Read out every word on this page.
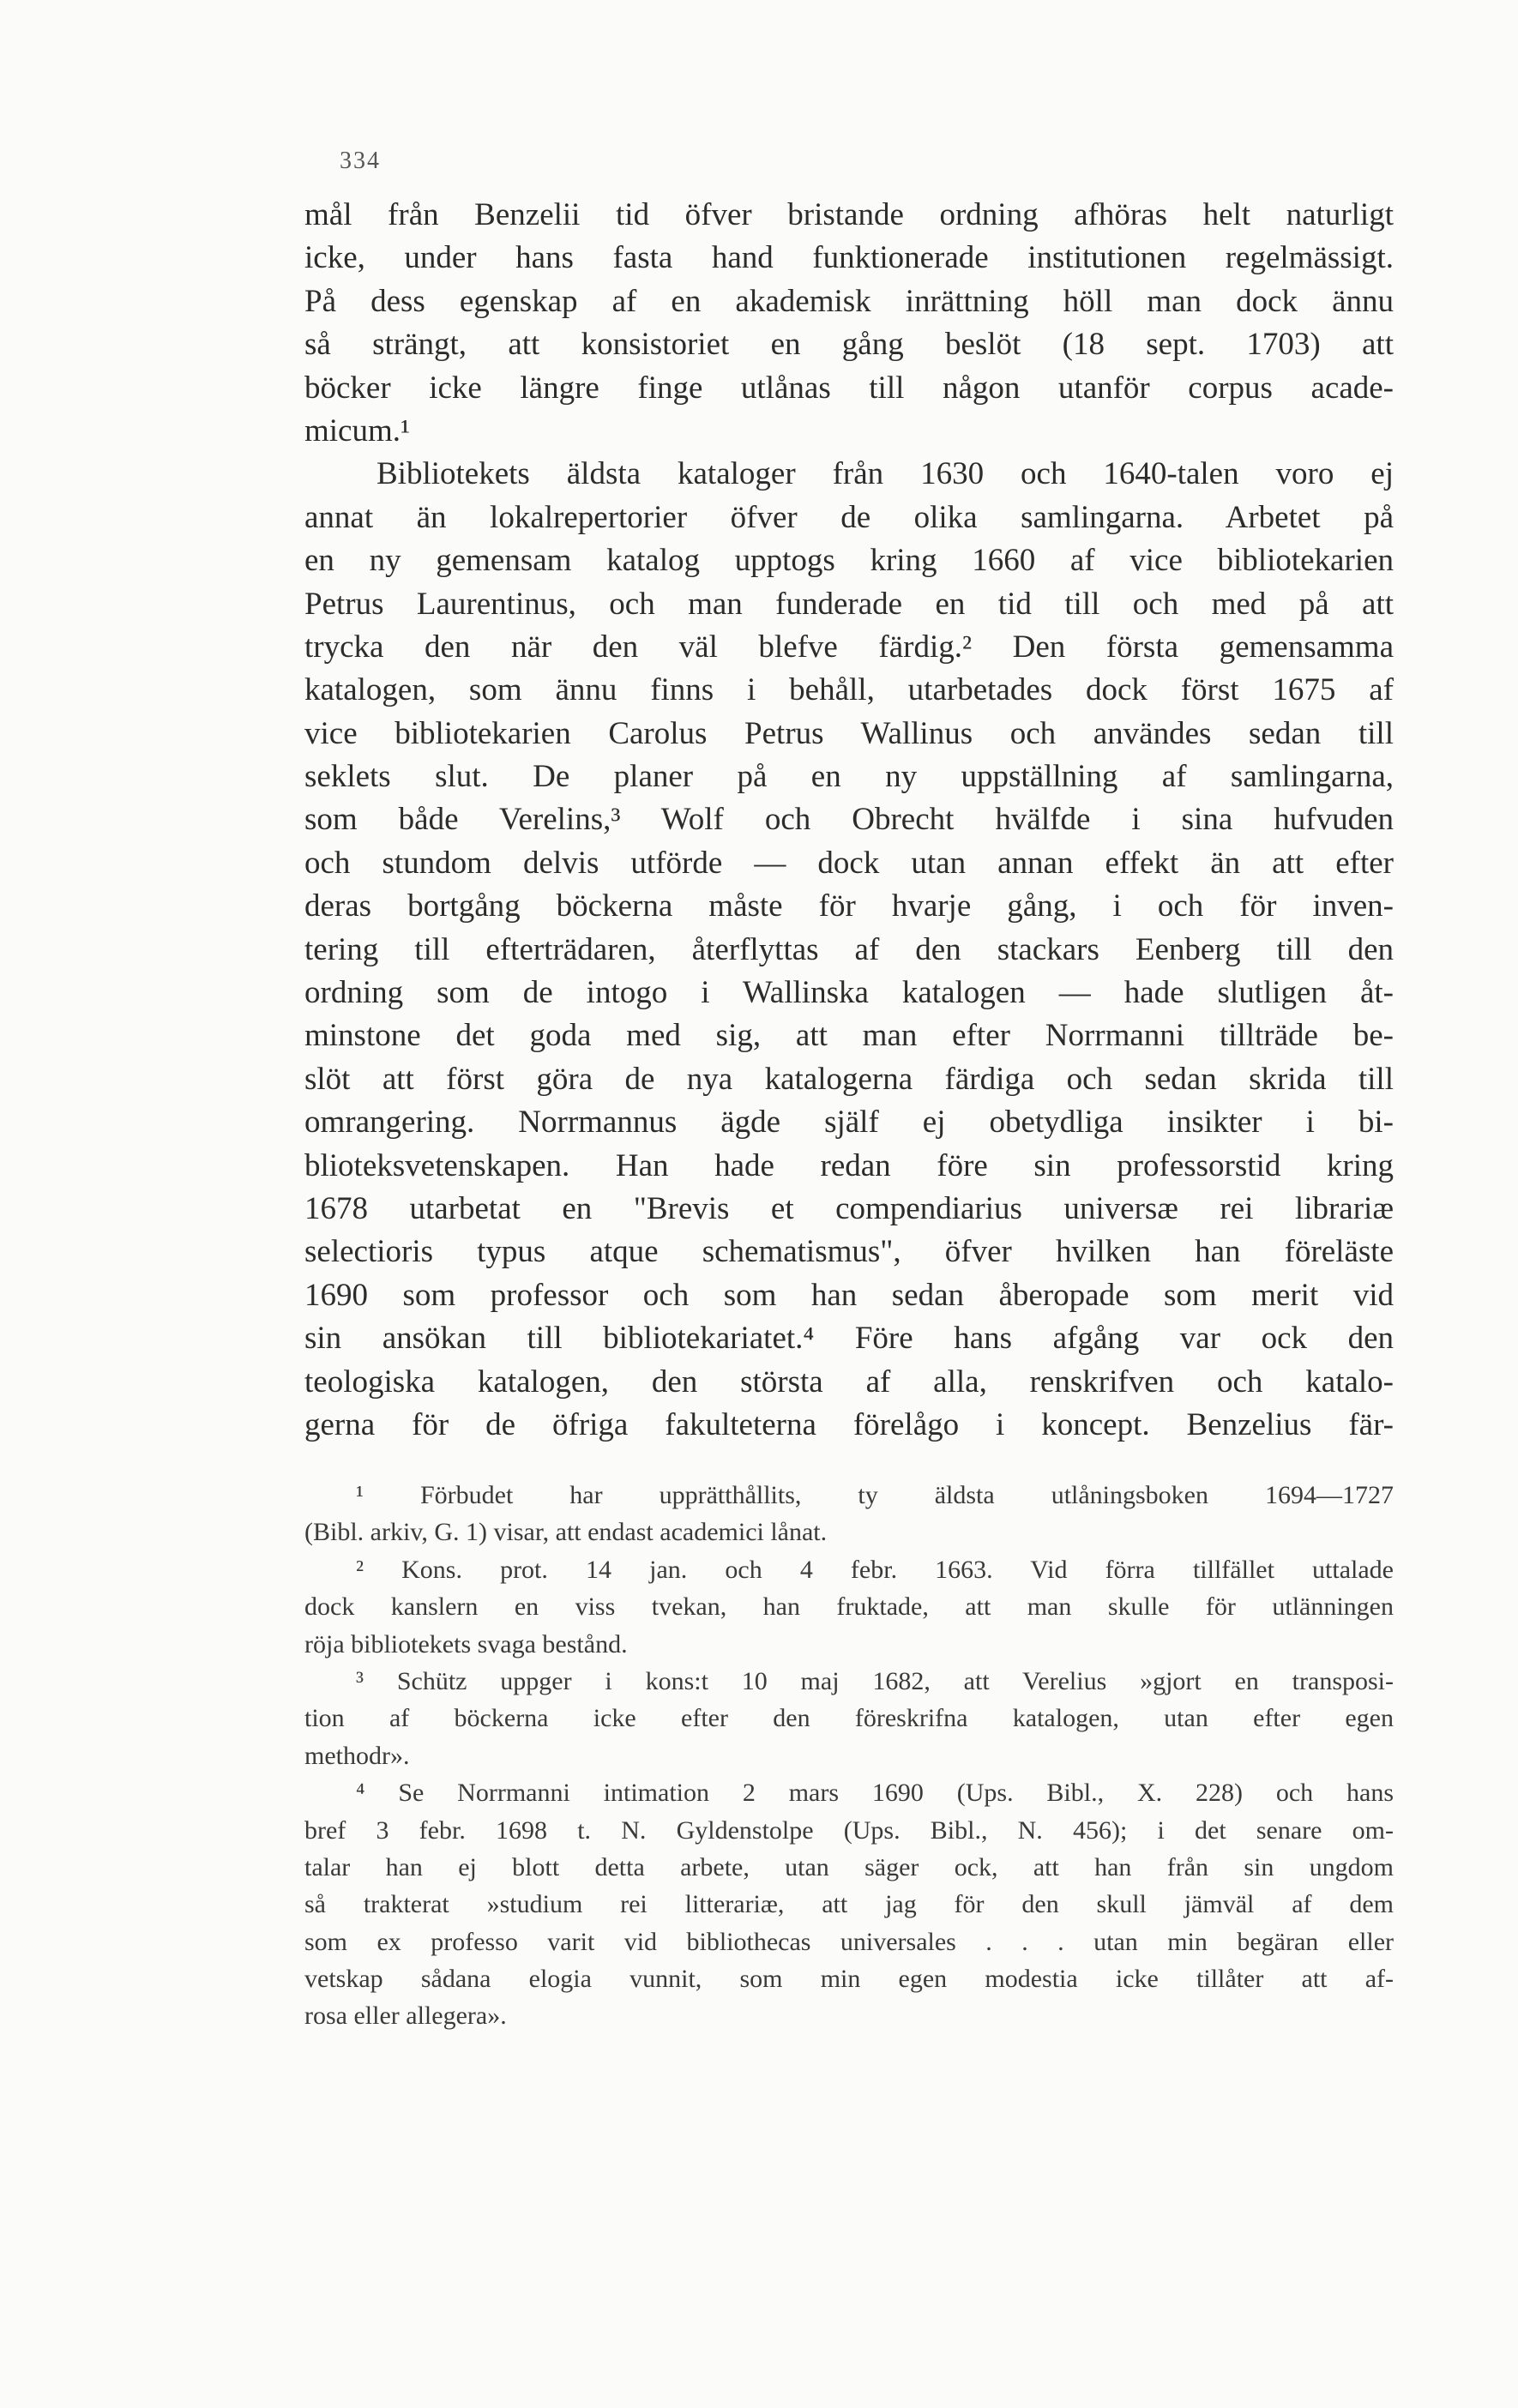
334
mål från Benzelii tid öfver bristande ordning afhöras helt naturligt
icke, under hans fasta hand funktionerade institutionen regelmässigt.
På dess egenskap af en akademisk inrättning höll man dock ännu
så strängt, att konsistoriet en gång beslöt (18 sept. 1703) att
böcker icke längre finge utlånas till någon utanför corpus acade-
micum.¹
Bibliotekets äldsta kataloger från 1630 och 1640-talen voro ej
annat än lokalrepertorier öfver de olika samlingarna. Arbetet på
en ny gemensam katalog upptogs kring 1660 af vice bibliotekarien
Petrus Laurentinus, och man funderade en tid till och med på att
trycka den när den väl blefve färdig.² Den första gemensamma
katalogen, som ännu finns i behåll, utarbetades dock först 1675 af
vice bibliotekarien Carolus Petrus Wallinus och användes sedan till
seklets slut. De planer på en ny uppställning af samlingarna,
som både Verelins,³ Wolf och Obrecht hvälfde i sina hufvuden
och stundom delvis utförde — dock utan annan effekt än att efter
deras bortgång böckerna måste för hvarje gång, i och för inven-
tering till efterträdaren, återflyttas af den stackars Eenberg till den
ordning som de intogo i Wallinska katalogen — hade slutligen åt-
minstone det goda med sig, att man efter Norrmanni tillträde be-
slöt att först göra de nya katalogerna färdiga och sedan skrida till
omrangering. Norrmannus ägde själf ej obetydliga insikter i bi-
blioteksvetenskapen. Han hade redan före sin professorstid kring
1678 utarbetat en "Brevis et compendiarius universæ rei librariæ
selectioris typus atque schematismus", öfver hvilken han föreläste
1690 som professor och som han sedan åberopade som merit vid
sin ansökan till bibliotekariatet.⁴ Före hans afgång var ock den
teologiska katalogen, den största af alla, renskrifven och katalo-
gerna för de öfriga fakulteterna förelågo i koncept. Benzelius fär-
¹ Förbudet har upprätthållits, ty äldsta utlåningsboken 1694—1727
(Bibl. arkiv, G. 1) visar, att endast academici lånat.
² Kons. prot. 14 jan. och 4 febr. 1663. Vid förra tillfället uttalade
dock kanslern en viss tvekan, han fruktade, att man skulle för utlänningen
röja bibliotekets svaga bestånd.
³ Schütz uppger i kons:t 10 maj 1682, att Verelius »gjort en transposi-
tion af böckerna icke efter den föreskrifna katalogen, utan efter egen
methodr».
⁴ Se Norrmanni intimation 2 mars 1690 (Ups. Bibl., X. 228) och hans
bref 3 febr. 1698 t. N. Gyldenstolpe (Ups. Bibl., N. 456); i det senare om-
talar han ej blott detta arbete, utan säger ock, att han från sin ungdom
så trakterat »studium rei litterariæ, att jag för den skull jämväl af dem
som ex professo varit vid bibliothecas universales . . . utan min begäran eller
vetskap sådana elogia vunnit, som min egen modestia icke tillåter att af-
rosa eller allegera».
